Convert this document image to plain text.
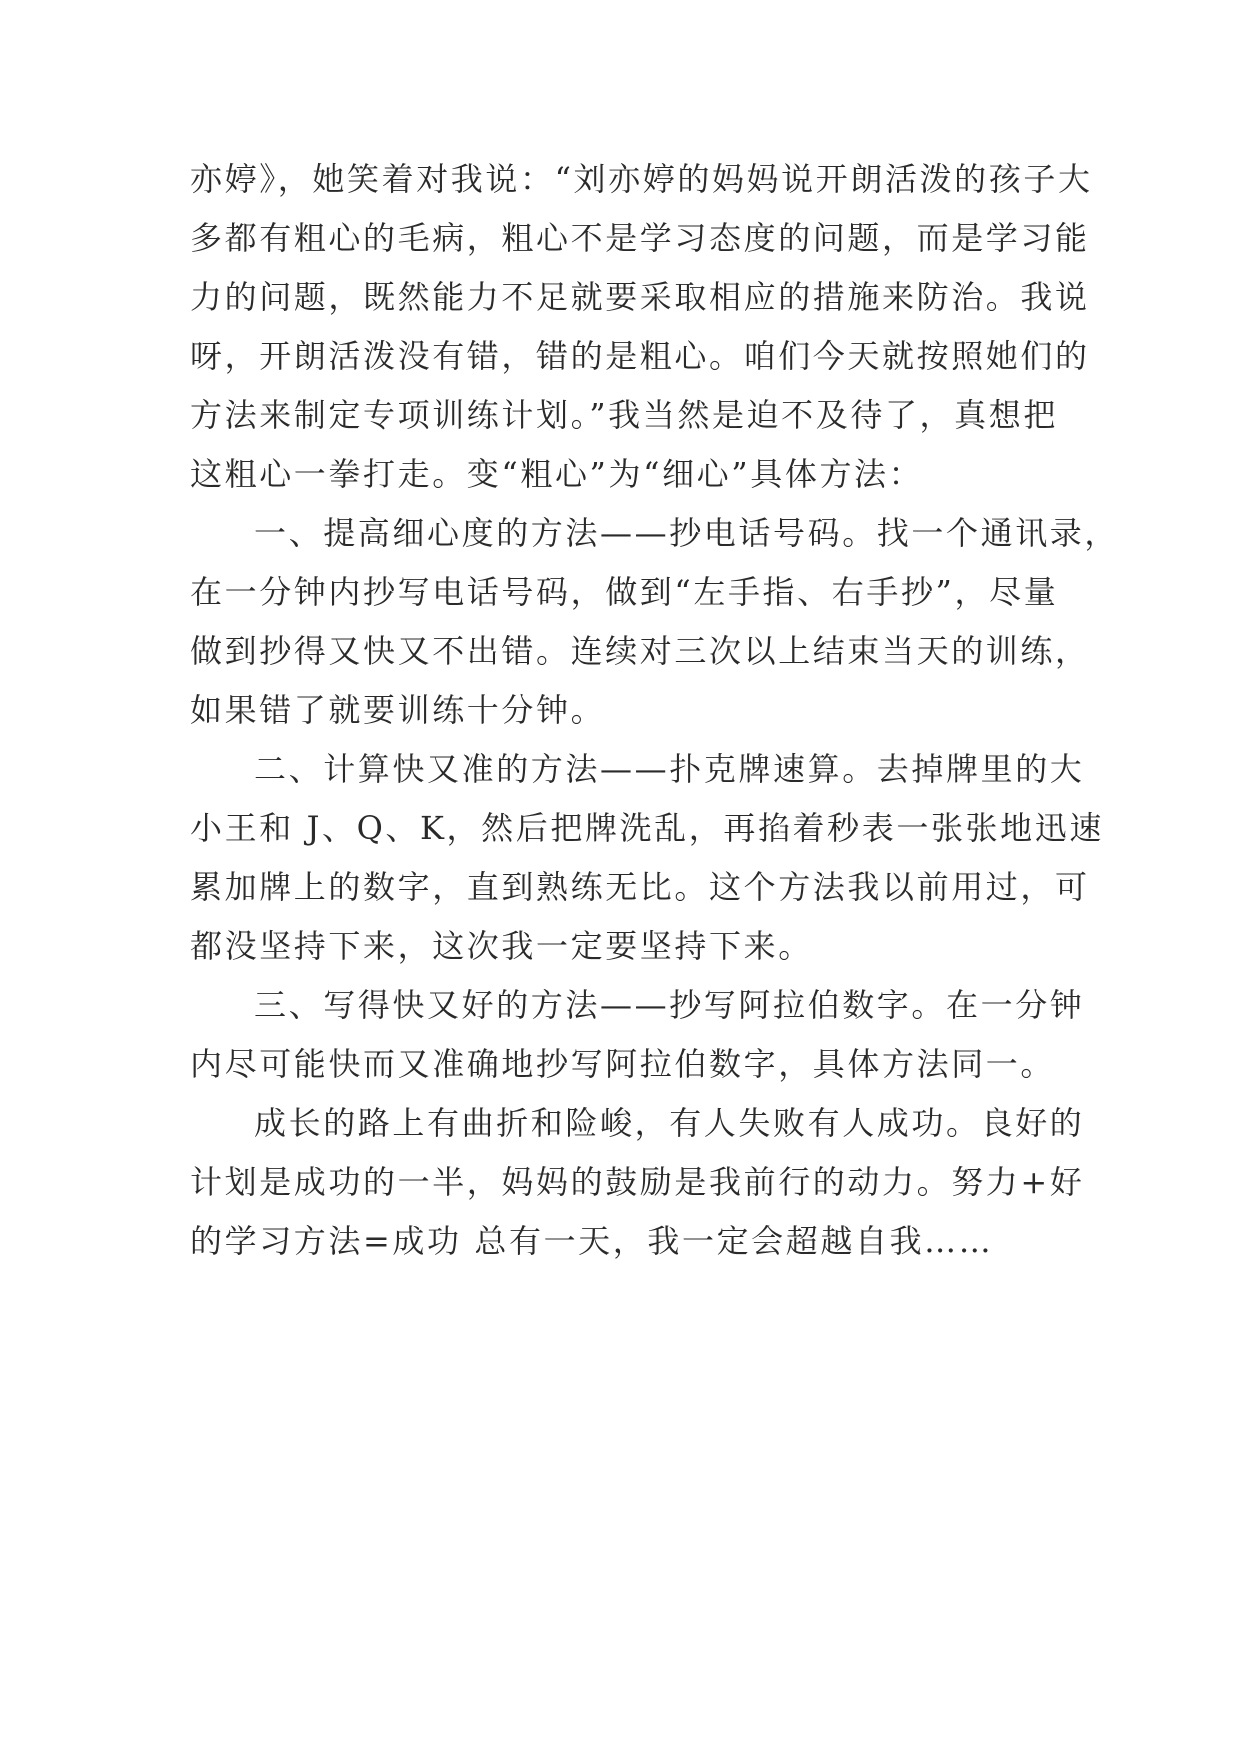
亦婷》，她笑着对我说：“刘亦婷的妈妈说开朗活泼的孩子大
多都有粗心的毛病，粗心不是学习态度的问题，而是学习能
力的问题，既然能力不足就要采取相应的措施来防治。我说
呀，开朗活泼没有错，错的是粗心。咱们今天就按照她们的
方法来制定专项训练计划。”我当然是迫不及待了，真想把
这粗心一拳打走。变“粗心”为“细心”具体方法：
一、提高细心度的方法——抄电话号码。找一个通讯录，
在一分钟内抄写电话号码，做到“左手指、右手抄”，尽量
做到抄得又快又不出错。连续对三次以上结束当天的训练，
如果错了就要训练十分钟。
二、计算快又准的方法——扑克牌速算。去掉牌里的大
小王和 J、Q、K，然后把牌洗乱，再掐着秒表一张张地迅速
累加牌上的数字，直到熟练无比。这个方法我以前用过，可
都没坚持下来，这次我一定要坚持下来。
三、写得快又好的方法——抄写阿拉伯数字。在一分钟
内尽可能快而又准确地抄写阿拉伯数字，具体方法同一。
成长的路上有曲折和险峻，有人失败有人成功。良好的
计划是成功的一半，妈妈的鼓励是我前行的动力。努力+好
的学习方法=成功 总有一天，我一定会超越自我……
